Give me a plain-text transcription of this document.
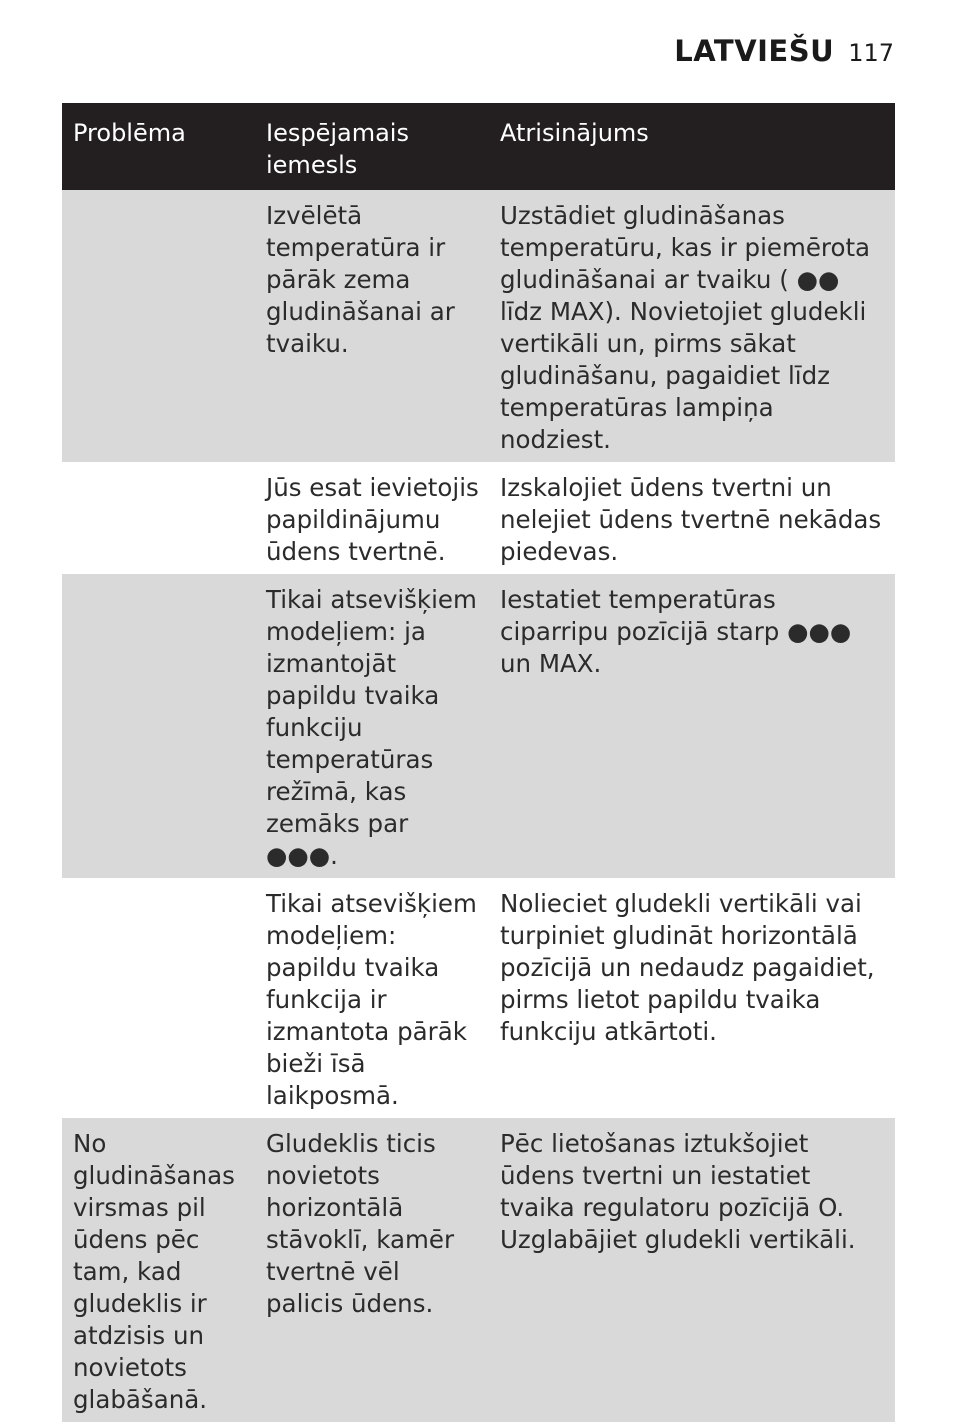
LATVIEŠU 117
Problēma	Iespējamais iemesls	Atrisinājums
	Izvēlētā temperatūra ir pārāk zema gludināšanai ar tvaiku.	Uzstādiet gludināšanas temperatūru, kas ir piemērota gludināšanai ar tvaiku ( ●● līdz MAX). Novietojiet gludekli vertikāli un, pirms sākat gludināšanu, pagaidiet līdz temperatūras lampiņa nodziest.
	Jūs esat ievietojis papildinājumu ūdens tvertnē.	Izskalojiet ūdens tvertni un nelejiet ūdens tvertnē nekādas piedevas.
	Tikai atsevišķiem modeļiem: ja izmantojāt papildu tvaika funkciju temperatūras režīmā, kas zemāks par ●●●.	Iestatiet temperatūras ciparripu pozīcijā starp ●●● un MAX.
	Tikai atsevišķiem modeļiem: papildu tvaika funkcija ir izmantota pārāk bieži īsā laikposmā.	Nolieciet gludekli vertikāli vai turpiniet gludināt horizontālā pozīcijā un nedaudz pagaidiet, pirms lietot papildu tvaika funkciju atkārtoti.
No gludināšanas virsmas pil ūdens pēc tam, kad gludeklis ir atdzisis un novietots glabāšanā.	Gludeklis ticis novietots horizontālā stāvoklī, kamēr tvertnē vēl palicis ūdens.	Pēc lietošanas iztukšojiet ūdens tvertni un iestatiet tvaika regulatoru pozīcijā O. Uzglabājiet gludekli vertikāli.
